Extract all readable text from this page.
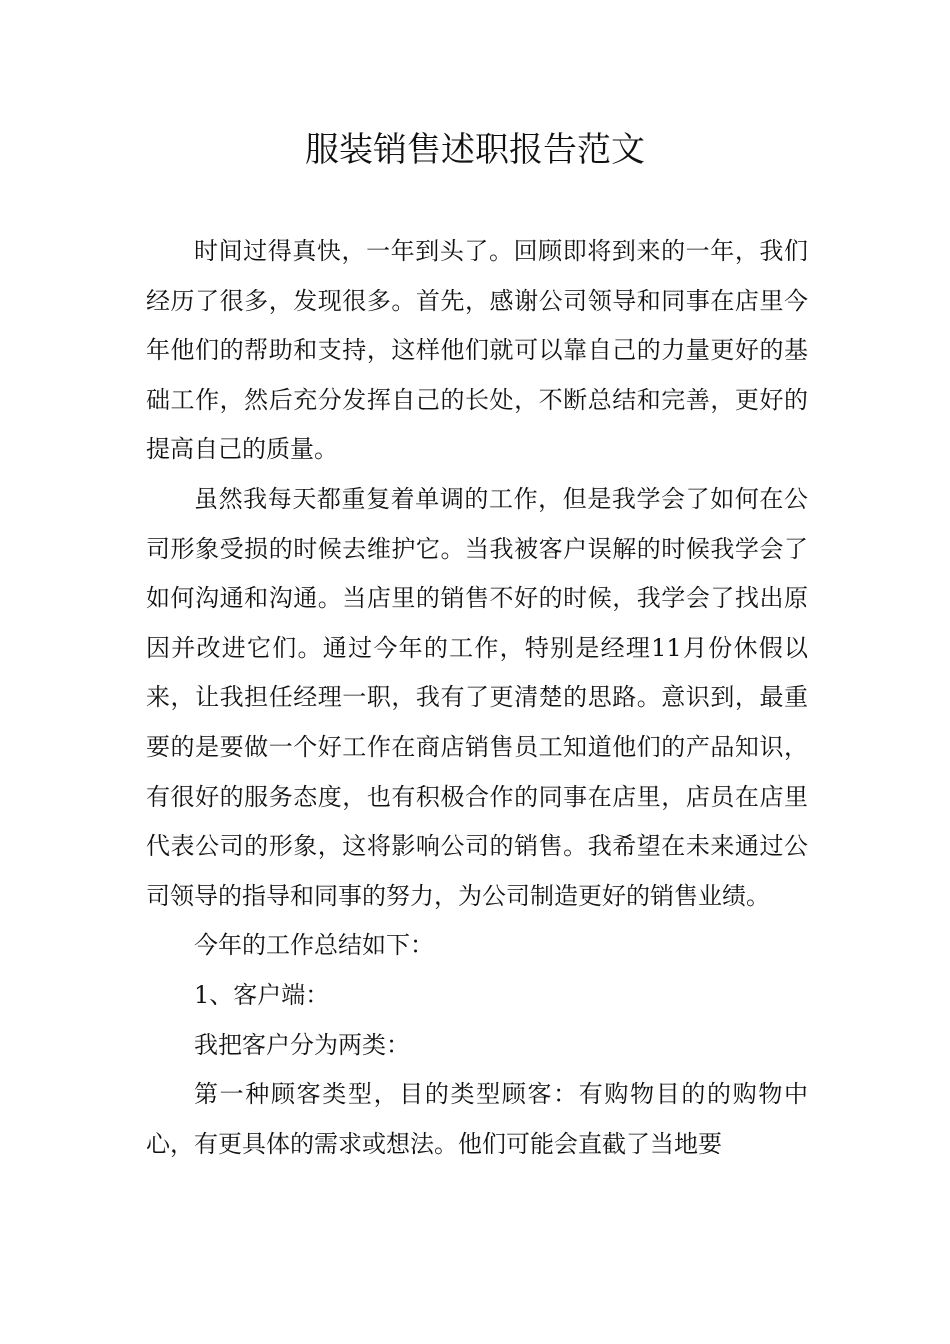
服装销售述职报告范文

时间过得真快，一年到头了。回顾即将到来的一年，我们经历了很多，发现很多。首先，感谢公司领导和同事在店里今年他们的帮助和支持，这样他们就可以靠自己的力量更好的基础工作，然后充分发挥自己的长处，不断总结和完善，更好的提高自己的质量。

虽然我每天都重复着单调的工作，但是我学会了如何在公司形象受损的时候去维护它。当我被客户误解的时候我学会了如何沟通和沟通。当店里的销售不好的时候，我学会了找出原因并改进它们。通过今年的工作，特别是经理11月份休假以来，让我担任经理一职，我有了更清楚的思路。意识到，最重要的是要做一个好工作在商店销售员工知道他们的产品知识，有很好的服务态度，也有积极合作的同事在店里，店员在店里代表公司的形象，这将影响公司的销售。我希望在未来通过公司领导的指导和同事的努力，为公司制造更好的销售业绩。

今年的工作总结如下：

1、客户端：

我把客户分为两类：

第一种顾客类型，目的类型顾客：有购物目的的购物中心，有更具体的需求或想法。他们可能会直截了当地要
